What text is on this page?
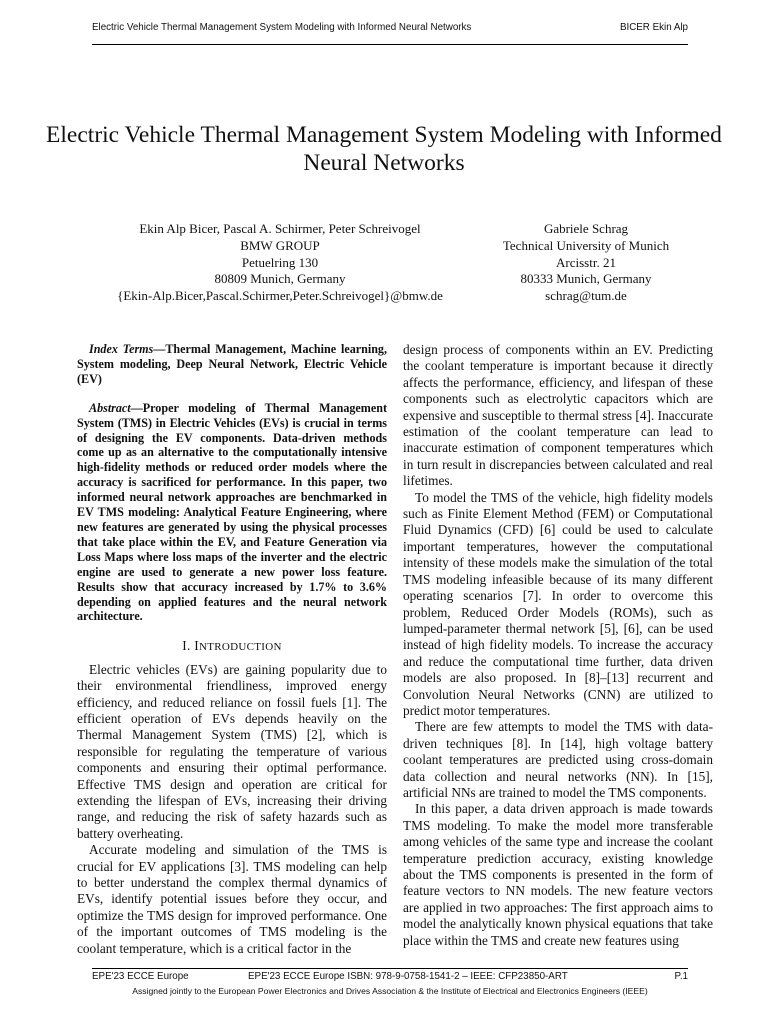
Electric Vehicle Thermal Management System Modeling with Informed Neural Networks	BICER Ekin Alp
Electric Vehicle Thermal Management System Modeling with Informed Neural Networks
Ekin Alp Bicer, Pascal A. Schirmer, Peter Schreivogel
BMW GROUP
Petuelring 130
80809 Munich, Germany
{Ekin-Alp.Bicer,Pascal.Schirmer,Peter.Schreivogel}@bmw.de
Gabriele Schrag
Technical University of Munich
Arcisstr. 21
80333 Munich, Germany
schrag@tum.de

Index Terms—Thermal Management, Machine learning, System modeling, Deep Neural Network, Electric Vehicle (EV)

Abstract—Proper modeling of Thermal Management System (TMS) in Electric Vehicles (EVs) is crucial in terms of designing the EV components. Data-driven methods come up as an alternative to the computationally intensive high-fidelity methods or reduced order models where the accuracy is sacrificed for performance. In this paper, two informed neural network approaches are benchmarked in EV TMS modeling: Analytical Feature Engineering, where new features are generated by using the physical processes that take place within the EV, and Feature Generation via Loss Maps where loss maps of the inverter and the electric engine are used to generate a new power loss feature. Results show that accuracy increased by 1.7% to 3.6% depending on applied features and the neural network architecture.

I. INTRODUCTION

Electric vehicles (EVs) are gaining popularity due to their environmental friendliness, improved energy efficiency, and reduced reliance on fossil fuels [1]. The efficient operation of EVs depends heavily on the Thermal Management System (TMS) [2], which is responsible for regulating the temperature of various components and ensuring their optimal performance. Effective TMS design and operation are critical for extending the lifespan of EVs, increasing their driving range, and reducing the risk of safety hazards such as battery overheating.

Accurate modeling and simulation of the TMS is crucial for EV applications [3]. TMS modeling can help to better understand the complex thermal dynamics of EVs, identify potential issues before they occur, and optimize the TMS design for improved performance. One of the important outcomes of TMS modeling is the coolant temperature, which is a critical factor in the

design process of components within an EV. Predicting the coolant temperature is important because it directly affects the performance, efficiency, and lifespan of these components such as electrolytic capacitors which are expensive and susceptible to thermal stress [4]. Inaccurate estimation of the coolant temperature can lead to inaccurate estimation of component temperatures which in turn result in discrepancies between calculated and real lifetimes.

To model the TMS of the vehicle, high fidelity models such as Finite Element Method (FEM) or Computational Fluid Dynamics (CFD) [6] could be used to calculate important temperatures, however the computational intensity of these models make the simulation of the total TMS modeling infeasible because of its many different operating scenarios [7]. In order to overcome this problem, Reduced Order Models (ROMs), such as lumped-parameter thermal network [5], [6], can be used instead of high fidelity models. To increase the accuracy and reduce the computational time further, data driven models are also proposed. In [8]–[13] recurrent and Convolution Neural Networks (CNN) are utilized to predict motor temperatures.

There are few attempts to model the TMS with data-driven techniques [8]. In [14], high voltage battery coolant temperatures are predicted using cross-domain data collection and neural networks (NN). In [15], artificial NNs are trained to model the TMS components.

In this paper, a data driven approach is made towards TMS modeling. To make the model more transferable among vehicles of the same type and increase the coolant temperature prediction accuracy, existing knowledge about the TMS components is presented in the form of feature vectors to NN models. The new feature vectors are applied in two approaches: The first approach aims to model the analytically known physical equations that take place within the TMS and create new features using

EPE'23 ECCE Europe	EPE'23 ECCE Europe ISBN: 978-9-0758-1541-2 – IEEE: CFP23850-ART	P.1
Assigned jointly to the European Power Electronics and Drives Association & the Institute of Electrical and Electronics Engineers (IEEE)
